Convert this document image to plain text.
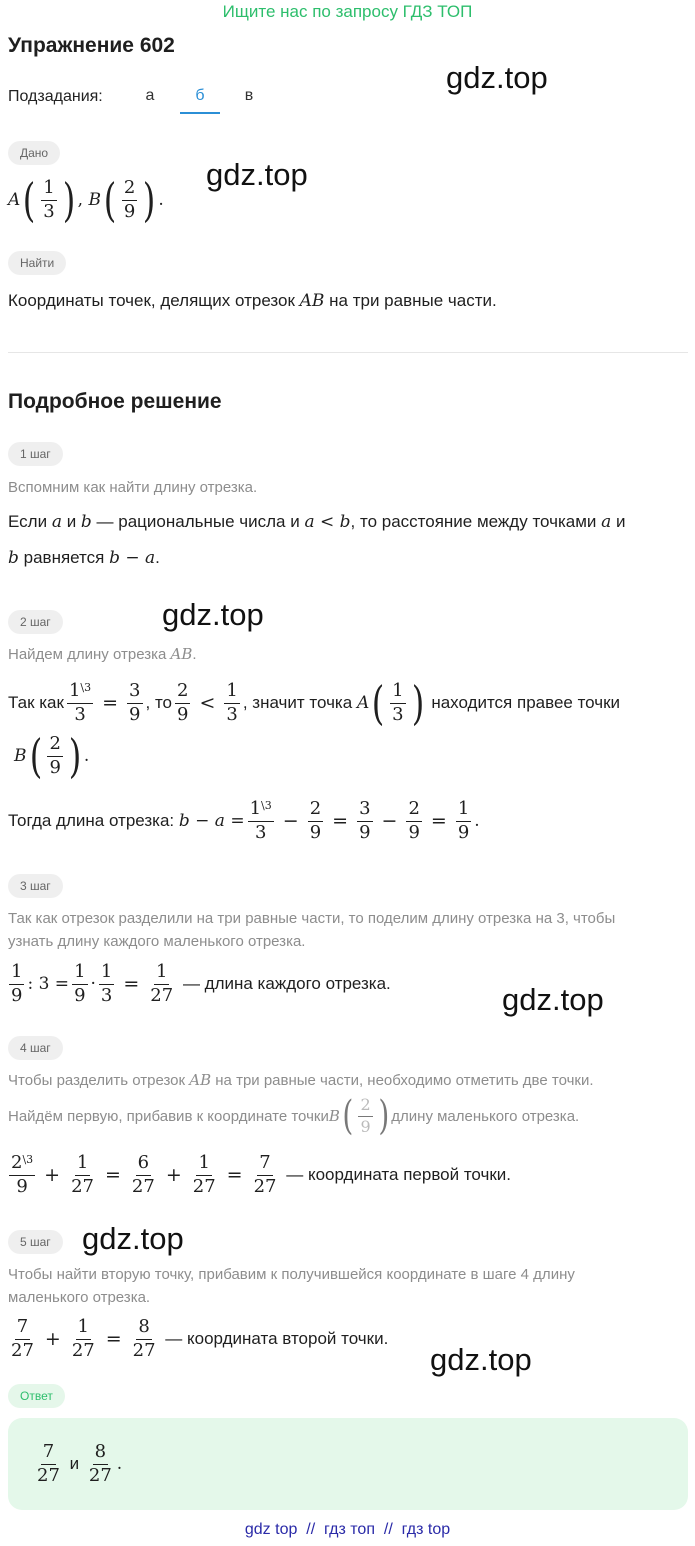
Ищите нас по запросу ГДЗ ТОП
Упражнение 602
gdz.top
gdz.top
gdz.top
gdz.top
gdz.top
gdz.top
Подзадания:	а	б	в
Дано
A ( $\frac{1}{3}$ ) , B ( $\frac{2}{9}$ ) .
Найти
Координаты точек, делящих отрезок
AB
на три равные части.
Подробное решение
1 шаг
Вспомним как найти длину отрезка.
Если
a
и
b
— рациональные числа и
a < b , то расстояние между точками
a
и
b
равняется
b − a .
2 шаг
Найдем длину отрезка AB.
Так как $\frac{1^{\backslash 3}}{3} = \frac{3}{9}$ , то $\frac{2}{9} < \frac{1}{3}$ , значит точка
A ( $\frac{1}{3}$ )
находится правее точки
B ( $\frac{2}{9}$ ) .
Тогда длина отрезка:
$b - a = \frac{1^{\backslash 3}}{3} - \frac{2}{9} = \frac{3}{9} - \frac{2}{9} = \frac{1}{9}$ .
3 шаг
Так как отрезок разделили на три равные части, то поделим длину отрезка на 3, чтобы
узнать длину каждого маленького отрезка.
$\frac{1}{9}$ : $3 = \frac{1}{9} \cdot \frac{1}{3} = \frac{1}{27}$
— длина каждого отрезка.
4 шаг
Чтобы разделить отрезок AB на три равные части, необходимо отметить две точки.
Найдём первую, прибавив к координате точки B ( $\frac{2}{9}$ ) длину маленького отрезка.
$\frac{2^{\backslash 3}}{9} + \frac{1}{27} = \frac{6}{27} + \frac{1}{27} = \frac{7}{27}$
— координата первой точки.
5 шаг
Чтобы найти вторую точку, прибавим к получившейся координате в шаге 4 длину
маленького отрезка.
$\frac{7}{27} + \frac{1}{27} = \frac{8}{27}$
— координата второй точки.
Ответ
$\frac{7}{27}$
и
$\frac{8}{27}$ .
gdz top  //  гдз топ  //  гдз top
